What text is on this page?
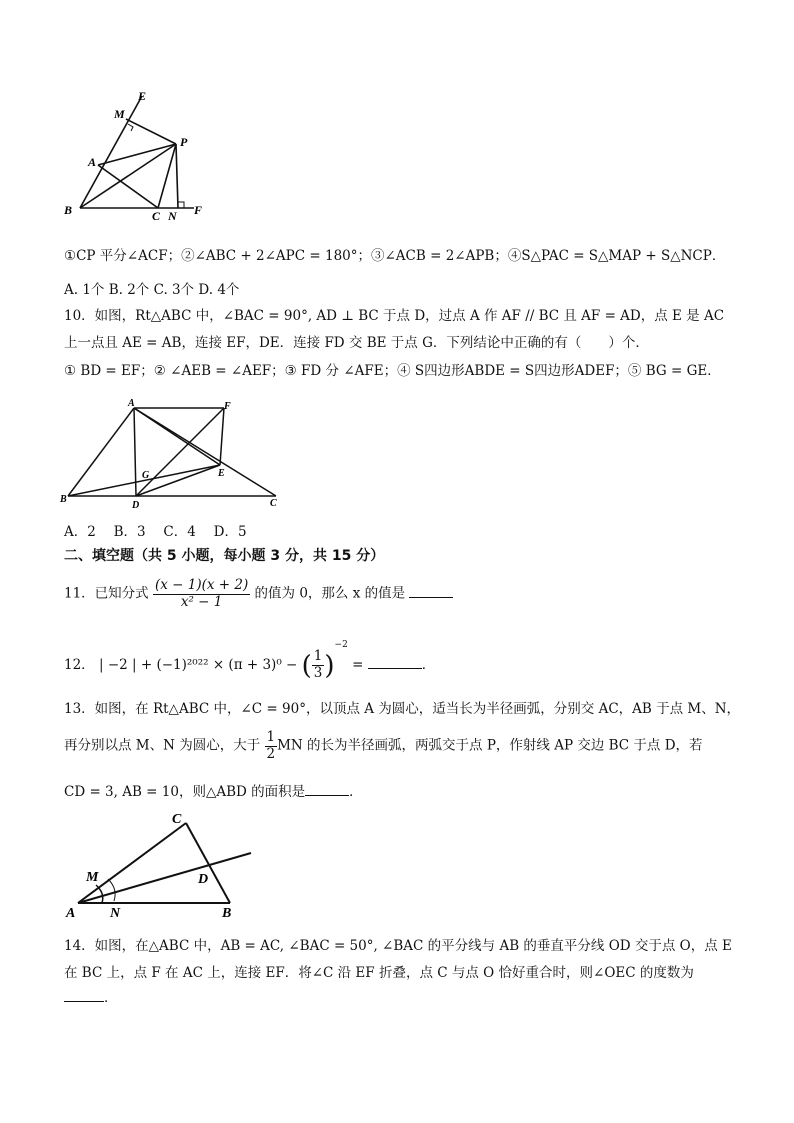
E
M
P
A
B	C N F
①CP 平分∠ACF；②∠ABC + 2∠APC = 180°；③∠ACB = 2∠APB；④S△PAC = S△MAP + S△NCP．
A. 1个 B. 2个 C. 3个 D. 4个
10．如图，Rt△ABC 中，∠BAC = 90°, AD ⊥ BC 于点 D，过点 A 作 AF // BC 且 AF = AD，点 E 是 AC
上一点且 AE = AB，连接 EF，DE．连接 FD 交 BE 于点 G．下列结论中正确的有（　　）个．
① BD = EF；② ∠AEB = ∠AEF；③ FD 分 ∠AFE；④ S四边形ABDE = S四边形ADEF；⑤ BG = GE．
A	F
G	E
B
D	C
A．2　 B．3　 C．4　 D．5
二、填空题（共 5 小题，每小题 3 分，共 15 分）
11．已知分式 $\frac{(x - 1)(x + 2)}{\text{x² − 1}}$ 的值为 0，那么 x 的值是
12． | −2 | + (−1)²⁰²² × (π + 3)⁰ − ( $\frac{1}{3} )^{-2}$ =	．
13．如图，在 Rt△ABC 中，∠C = 90°，以顶点 A 为圆心，适当长为半径画弧，分别交 AC，AB 于点 M、N，
再分别以点 M、N 为圆心，大于 $\frac{1}{2}$ MN 的长为半径画弧，两弧交于点 P，作射线 AP 交边 BC 于点 D，若
CD = 3, AB = 10，则△ABD 的面积是	．
C
M	D
A N	B
14．如图，在△ABC 中，AB = AC, ∠BAC = 50°, ∠BAC 的平分线与 AB 的垂直平分线 OD 交于点 O，点 E
在 BC 上，点 F 在 AC 上，连接 EF．将∠C 沿 EF 折叠，点 C 与点 O 恰好重合时，则∠OEC 的度数为
．
